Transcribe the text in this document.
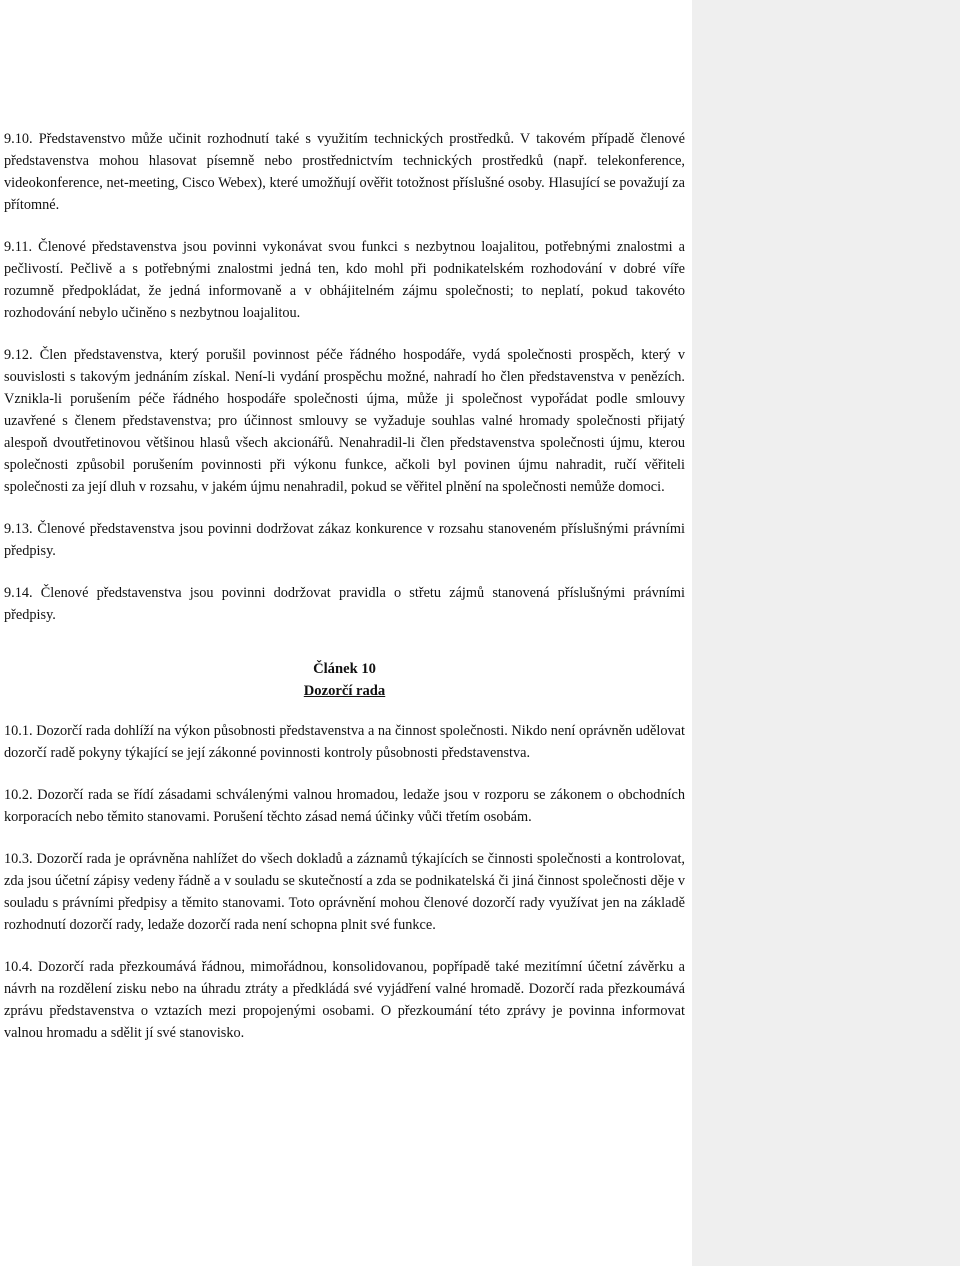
9.10. Představenstvo může učinit rozhodnutí také s využitím technických prostředků. V takovém případě členové představenstva mohou hlasovat písemně nebo prostřednictvím technických prostředků (např. telekonference, videokonference, net-meeting, Cisco Webex), které umožňují ověřit totožnost příslušné osoby. Hlasující se považují za přítomné.

9.11. Členové představenstva jsou povinni vykonávat svou funkci s nezbytnou loajalitou, potřebnými znalostmi a pečlivostí. Pečlivě a s potřebnými znalostmi jedná ten, kdo mohl při podnikatelském rozhodování v dobré víře rozumně předpokládat, že jedná informovaně a v obhájitelném zájmu společnosti; to neplatí, pokud takovéto rozhodování nebylo učiněno s nezbytnou loajalitou.

9.12. Člen představenstva, který porušil povinnost péče řádného hospodáře, vydá společnosti prospěch, který v souvislosti s takovým jednáním získal. Není-li vydání prospěchu možné, nahradí ho člen představenstva v penězích. Vznikla-li porušením péče řádného hospodáře společnosti újma, může ji společnost vypořádat podle smlouvy uzavřené s členem představenstva; pro účinnost smlouvy se vyžaduje souhlas valné hromady společnosti přijatý alespoň dvoutřetinovou většinou hlasů všech akcionářů. Nenahradil-li člen představenstva společnosti újmu, kterou společnosti způsobil porušením povinnosti při výkonu funkce, ačkoli byl povinen újmu nahradit, ručí věřiteli společnosti za její dluh v rozsahu, v jakém újmu nenahradil, pokud se věřitel plnění na společnosti nemůže domoci.

9.13. Členové představenstva jsou povinni dodržovat zákaz konkurence v rozsahu stanoveném příslušnými právními předpisy.

9.14. Členové představenstva jsou povinni dodržovat pravidla o střetu zájmů stanovená příslušnými právními předpisy.

Článek 10
Dozorčí rada

10.1. Dozorčí rada dohlíží na výkon působnosti představenstva a na činnost společnosti. Nikdo není oprávněn udělovat dozorčí radě pokyny týkající se její zákonné povinnosti kontroly působnosti představenstva.

10.2. Dozorčí rada se řídí zásadami schválenými valnou hromadou, ledaže jsou v rozporu se zákonem o obchodních korporacích nebo těmito stanovami. Porušení těchto zásad nemá účinky vůči třetím osobám.

10.3. Dozorčí rada je oprávněna nahlížet do všech dokladů a záznamů týkajících se činnosti společnosti a kontrolovat, zda jsou účetní zápisy vedeny řádně a v souladu se skutečností a zda se podnikatelská či jiná činnost společnosti děje v souladu s právními předpisy a těmito stanovami. Toto oprávnění mohou členové dozorčí rady využívat jen na základě rozhodnutí dozorčí rady, ledaže dozorčí rada není schopna plnit své funkce.

10.4. Dozorčí rada přezkoumává řádnou, mimořádnou, konsolidovanou, popřípadě také mezitímní účetní závěrku a návrh na rozdělení zisku nebo na úhradu ztráty a předkládá své vyjádření valné hromadě. Dozorčí rada přezkoumává zprávu představenstva o vztazích mezi propojenými osobami. O přezkoumání této zprávy je povinna informovat valnou hromadu a sdělit jí své stanovisko.
